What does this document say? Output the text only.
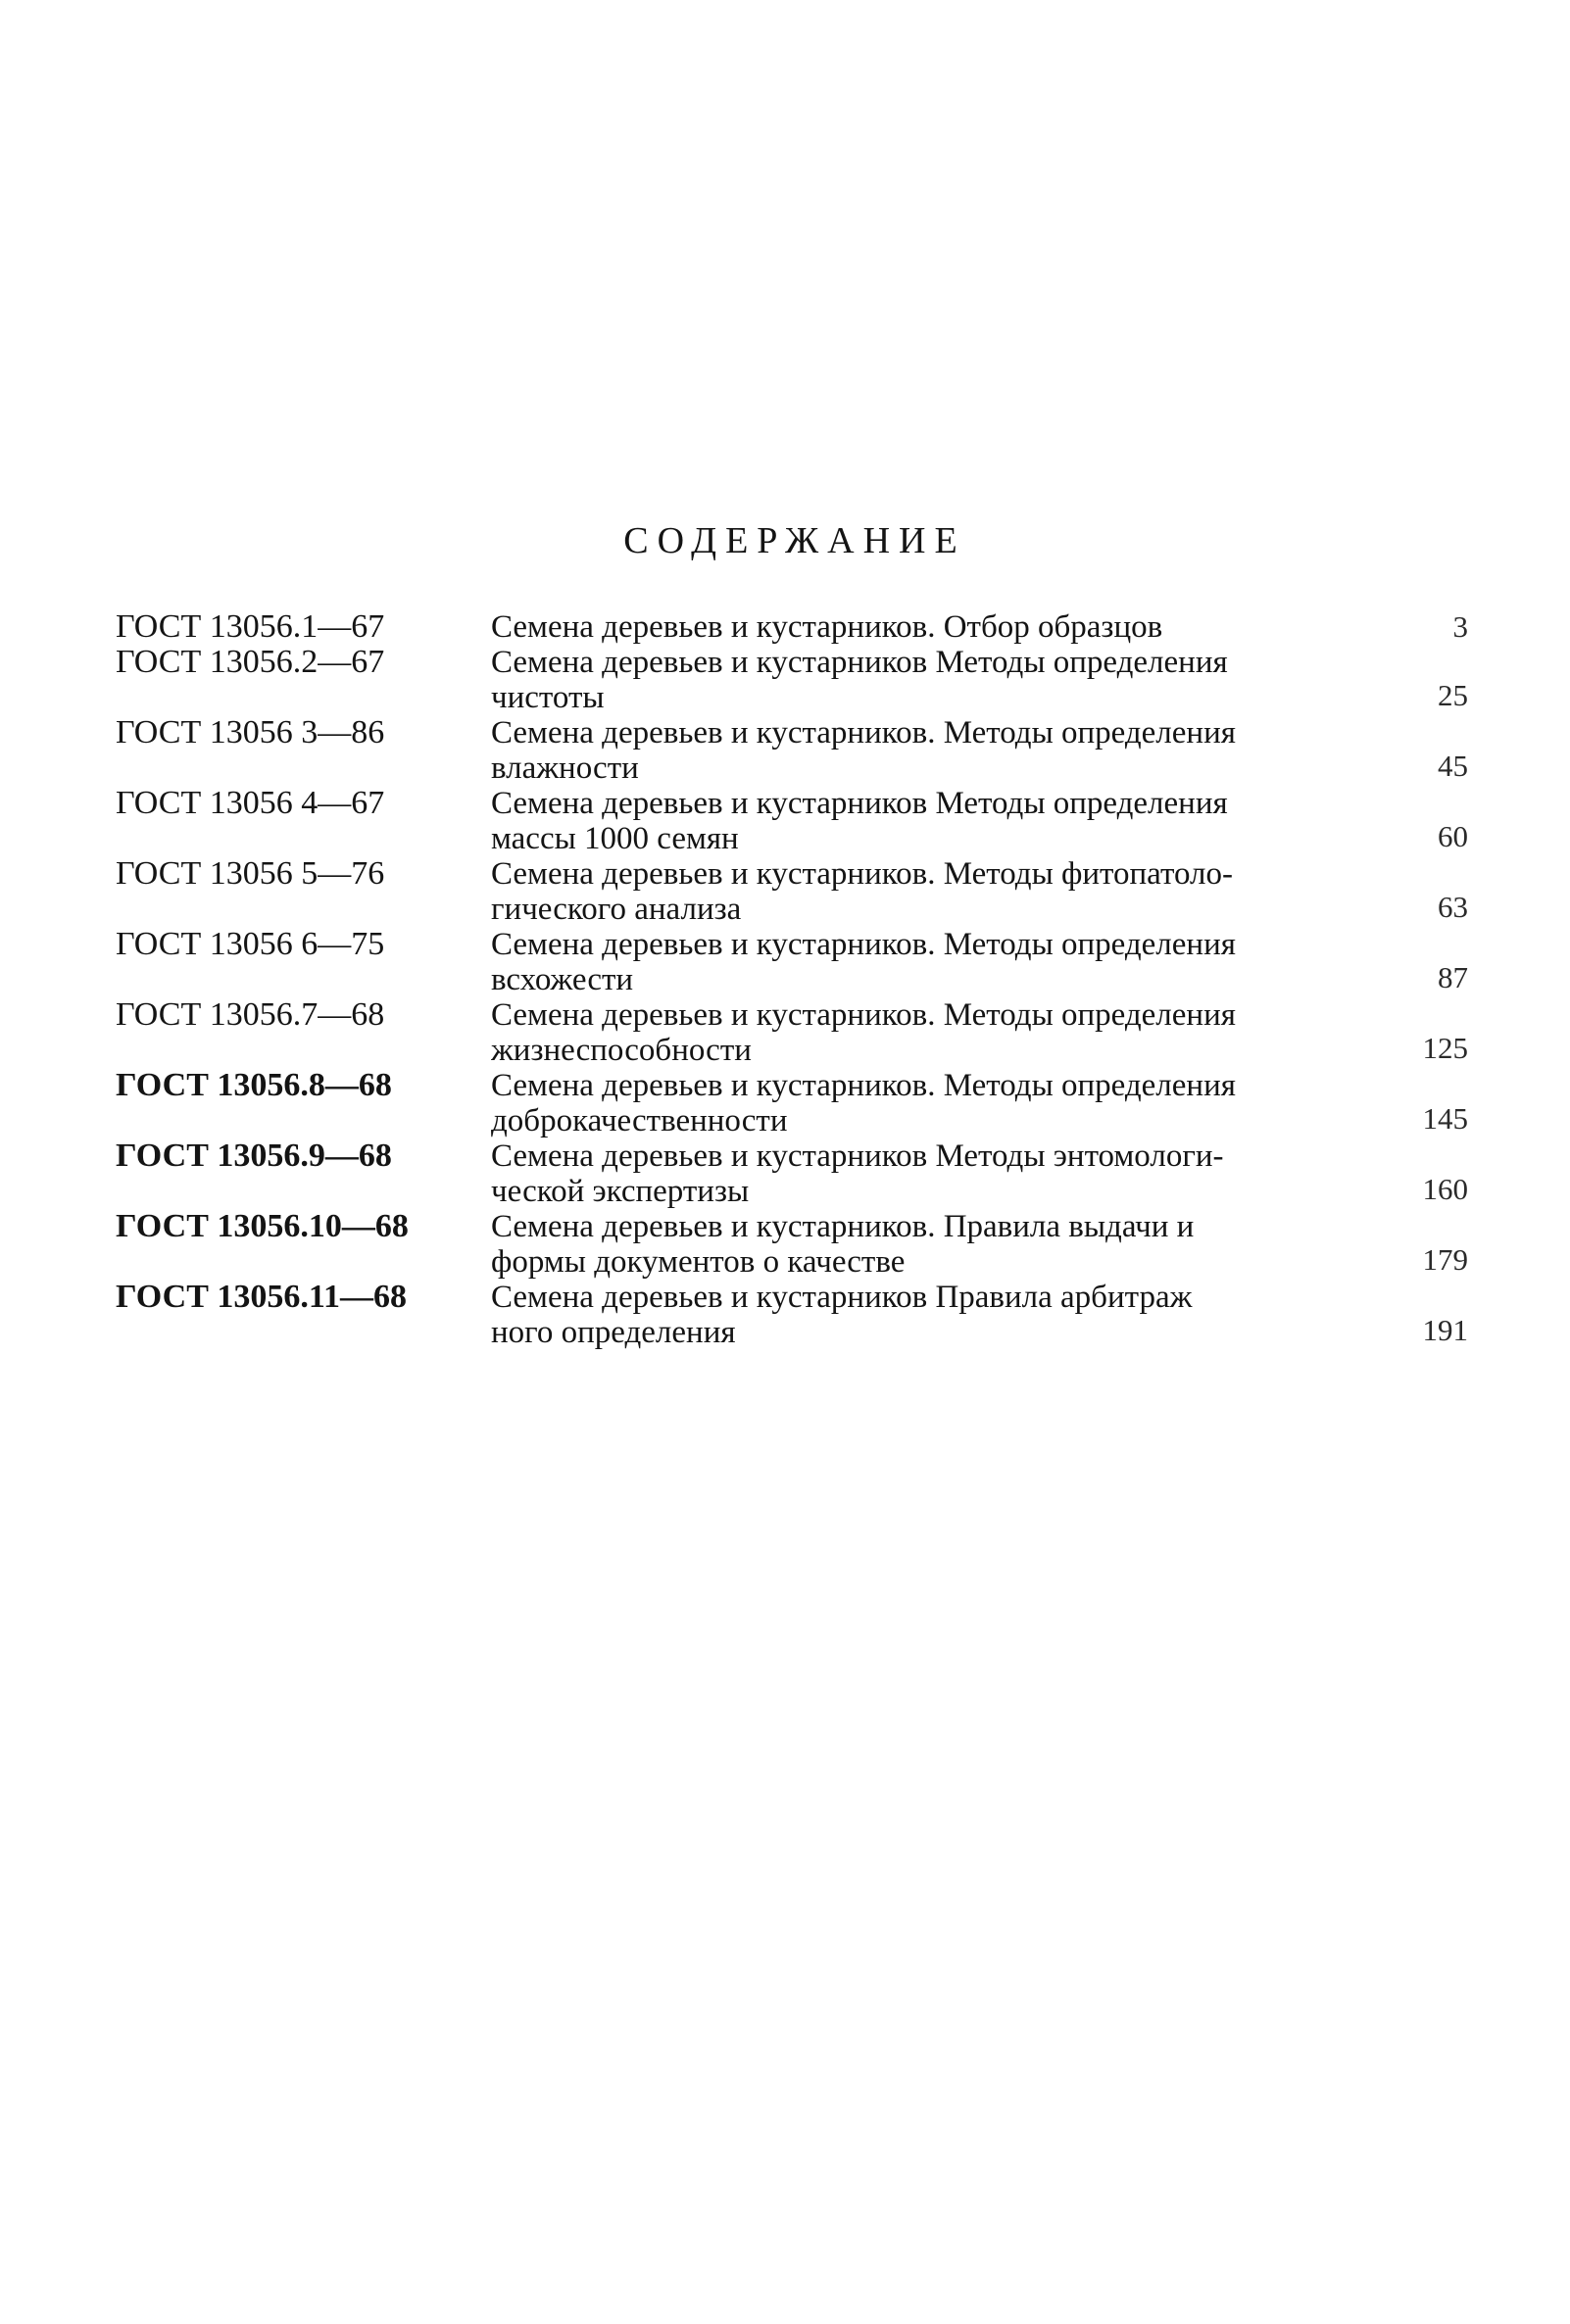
СОДЕРЖАНИЕ
ГОСТ 13056.1—67	Семена деревьев и кустарников. Отбор образцов	3
ГОСТ 13056.2—67	Семена деревьев и кустарников Методы определения
чистоты	25
ГОСТ 13056 3—86	Семена деревьев и кустарников. Методы определения
влажности	45
ГОСТ 13056 4—67	Семена деревьев и кустарников Методы определения
массы 1000 семян	60
ГОСТ 13056 5—76	Семена деревьев и кустарников. Методы фитопатоло-
гического анализа	63
ГОСТ 13056 6—75	Семена деревьев и кустарников. Методы определения
всхожести	87
ГОСТ 13056.7—68	Семена деревьев и кустарников. Методы определения
жизнеспособности	125
ГОСТ 13056.8—68	Семена деревьев и кустарников. Методы определения
доброкачественности	145
ГОСТ 13056.9—68	Семена деревьев и кустарников Методы энтомологи-
ческой экспертизы	160
ГОСТ 13056.10—68	Семена деревьев и кустарников. Правила выдачи и
формы документов о качестве	179
ГОСТ 13056.11—68	Семена деревьев и кустарников Правила арбитраж
ного определения	191
